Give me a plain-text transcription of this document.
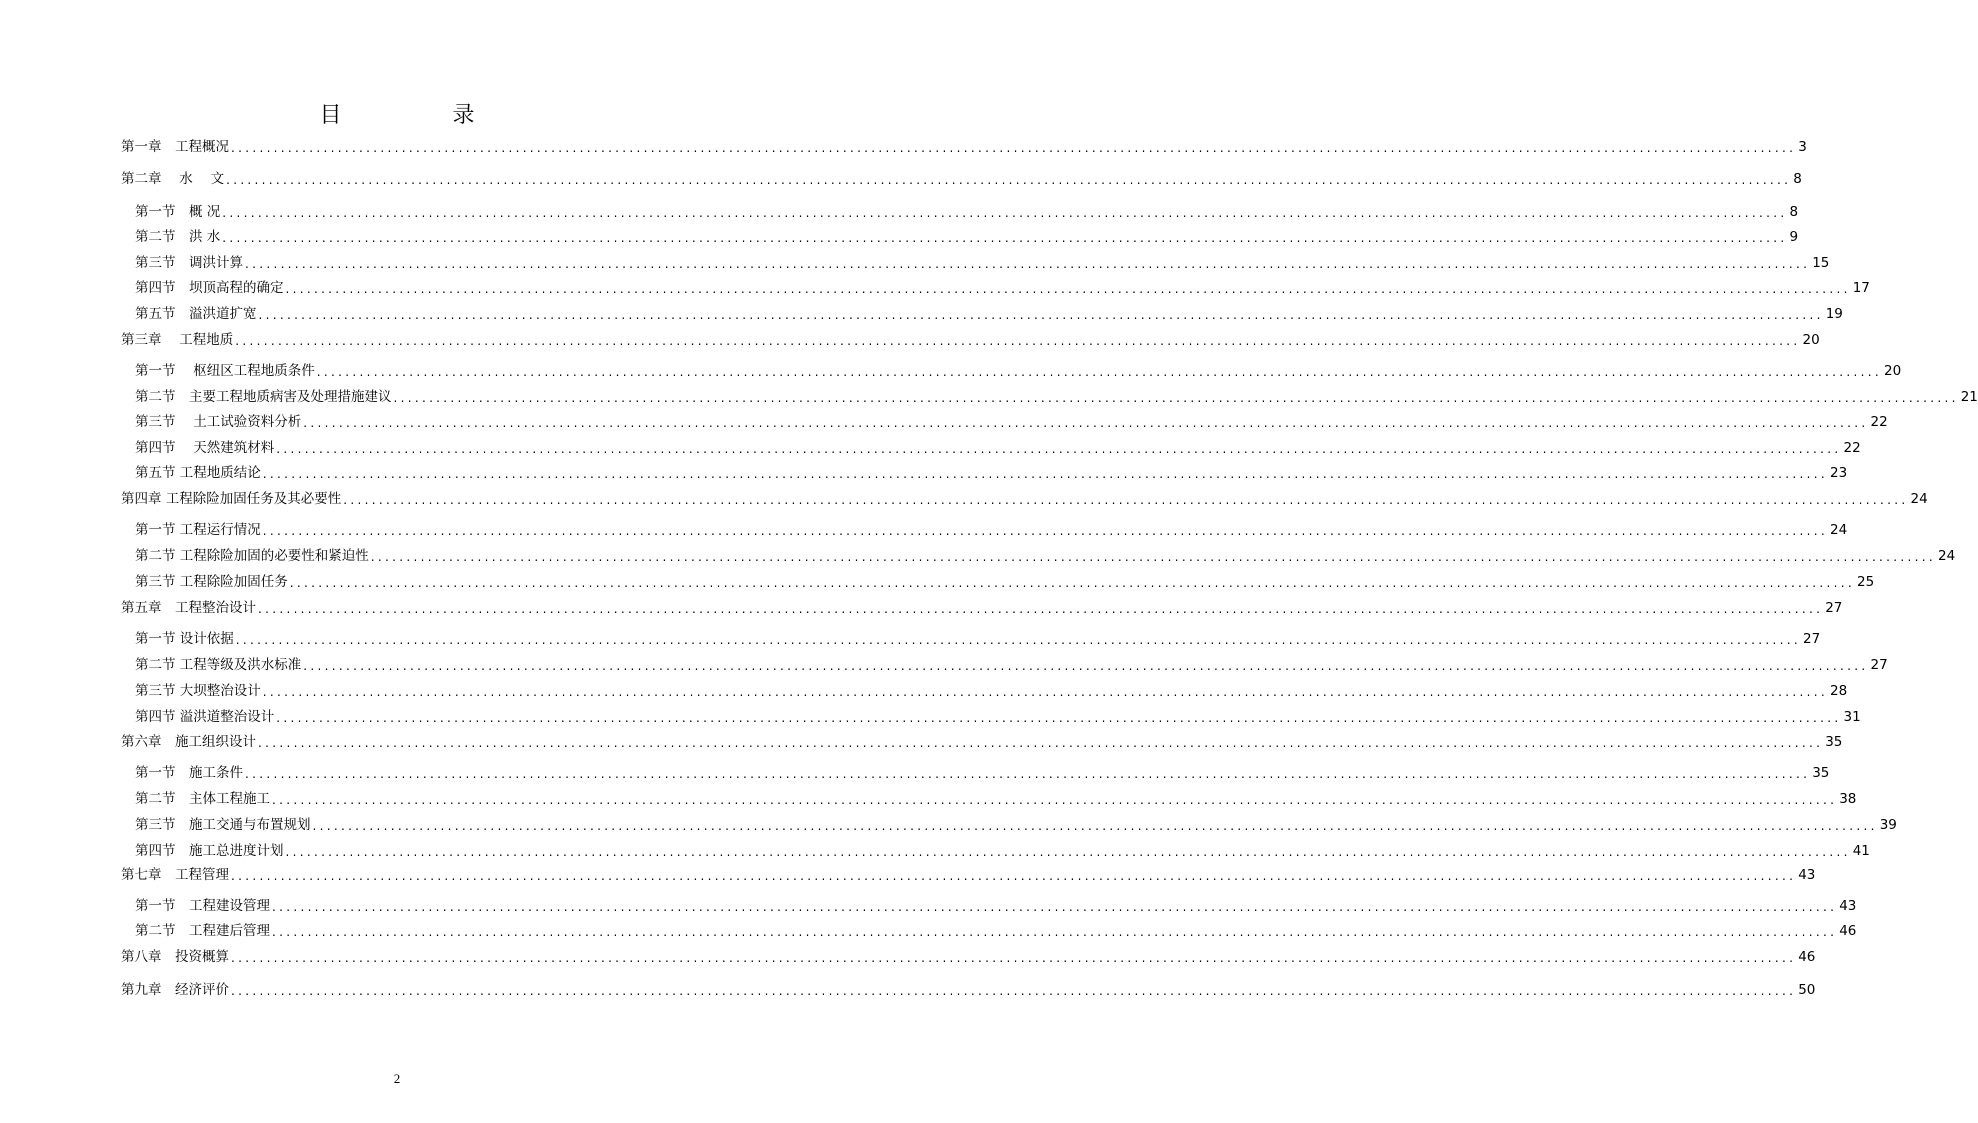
目 录
第一章　工程概况 ............................................................................................................................................................................................................................ 3
第二章　 水　 文 ............................................................................................................................................................................................................................ 8
第一节　概 况 ............................................................................................................................................................................................................................ 8
第二节　洪 水 ............................................................................................................................................................................................................................ 9
第三节　调洪计算 ............................................................................................................................................................................................................................ 15
第四节　坝顶高程的确定 ............................................................................................................................................................................................................................ 17
第五节　溢洪道扩宽 ............................................................................................................................................................................................................................ 19
第三章　 工程地质 ............................................................................................................................................................................................................................ 20
第一节　 枢纽区工程地质条件 ............................................................................................................................................................................................................................ 20
第二节　主要工程地质病害及处理措施建议 ............................................................................................................................................................................................................................ 21
第三节　 土工试验资料分析 ............................................................................................................................................................................................................................ 22
第四节　 天然建筑材料 ............................................................................................................................................................................................................................ 22
第五节 工程地质结论 ............................................................................................................................................................................................................................ 23
第四章 工程除险加固任务及其必要性 ............................................................................................................................................................................................................................ 24
第一节 工程运行情况 ............................................................................................................................................................................................................................ 24
第二节 工程除险加固的必要性和紧迫性 ............................................................................................................................................................................................................................ 24
第三节 工程除险加固任务 ............................................................................................................................................................................................................................ 25
第五章　工程整治设计 ............................................................................................................................................................................................................................ 27
第一节 设计依据 ............................................................................................................................................................................................................................ 27
第二节 工程等级及洪水标准 ............................................................................................................................................................................................................................ 27
第三节 大坝整治设计 ............................................................................................................................................................................................................................ 28
第四节 溢洪道整治设计 ............................................................................................................................................................................................................................ 31
第六章　施工组织设计 ............................................................................................................................................................................................................................ 35
第一节　施工条件 ............................................................................................................................................................................................................................ 35
第二节　主体工程施工 ............................................................................................................................................................................................................................ 38
第三节　施工交通与布置规划 ............................................................................................................................................................................................................................ 39
第四节　施工总进度计划 ............................................................................................................................................................................................................................ 41
第七章　工程管理 ............................................................................................................................................................................................................................ 43
第一节　工程建设管理 ............................................................................................................................................................................................................................ 43
第二节　工程建后管理 ............................................................................................................................................................................................................................ 46
第八章　投资概算 ............................................................................................................................................................................................................................ 46
第九章　经济评价 ............................................................................................................................................................................................................................ 50
2
